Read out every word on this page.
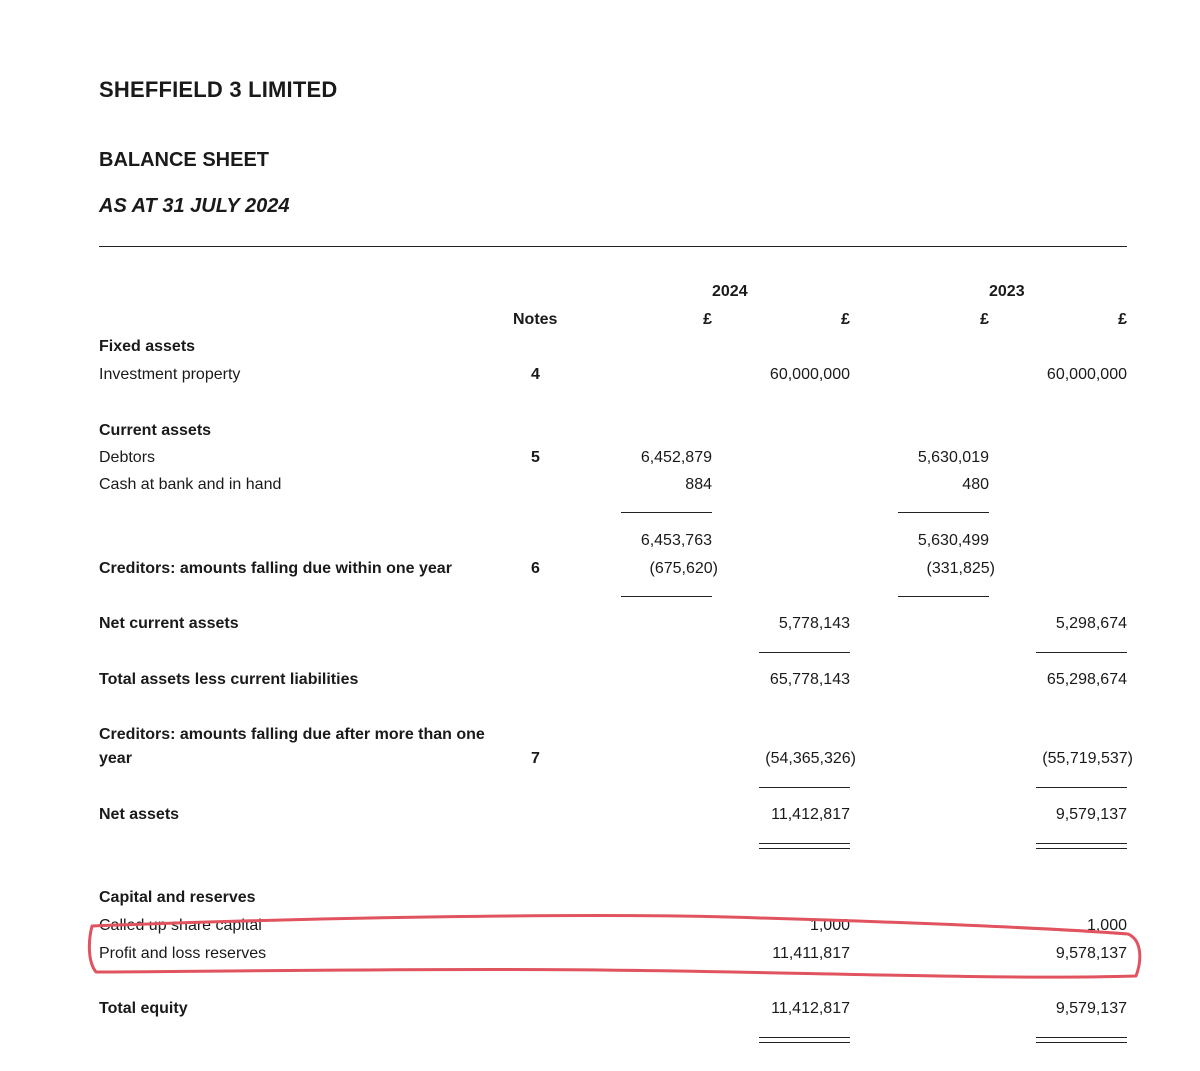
SHEFFIELD 3 LIMITED
BALANCE SHEET
AS AT 31 JULY 2024
2024	2023
Notes	£	£	£	£
Fixed assets
Investment property	4	60,000,000	60,000,000
Current assets
Debtors	5	6,452,879	5,630,019
Cash at bank and in hand	884	480
6,453,763	5,630,499
Creditors: amounts falling due within one year	6	(675,620)	(331,825)
Net current assets	5,778,143	5,298,674
Total assets less current liabilities	65,778,143	65,298,674
Creditors: amounts falling due after more than one
year	7	(54,365,326)	(55,719,537)
Net assets	11,412,817	9,579,137
Capital and reserves
Called up share capital	1,000	1,000
Profit and loss reserves	11,411,817	9,578,137
Total equity	11,412,817	9,579,137
